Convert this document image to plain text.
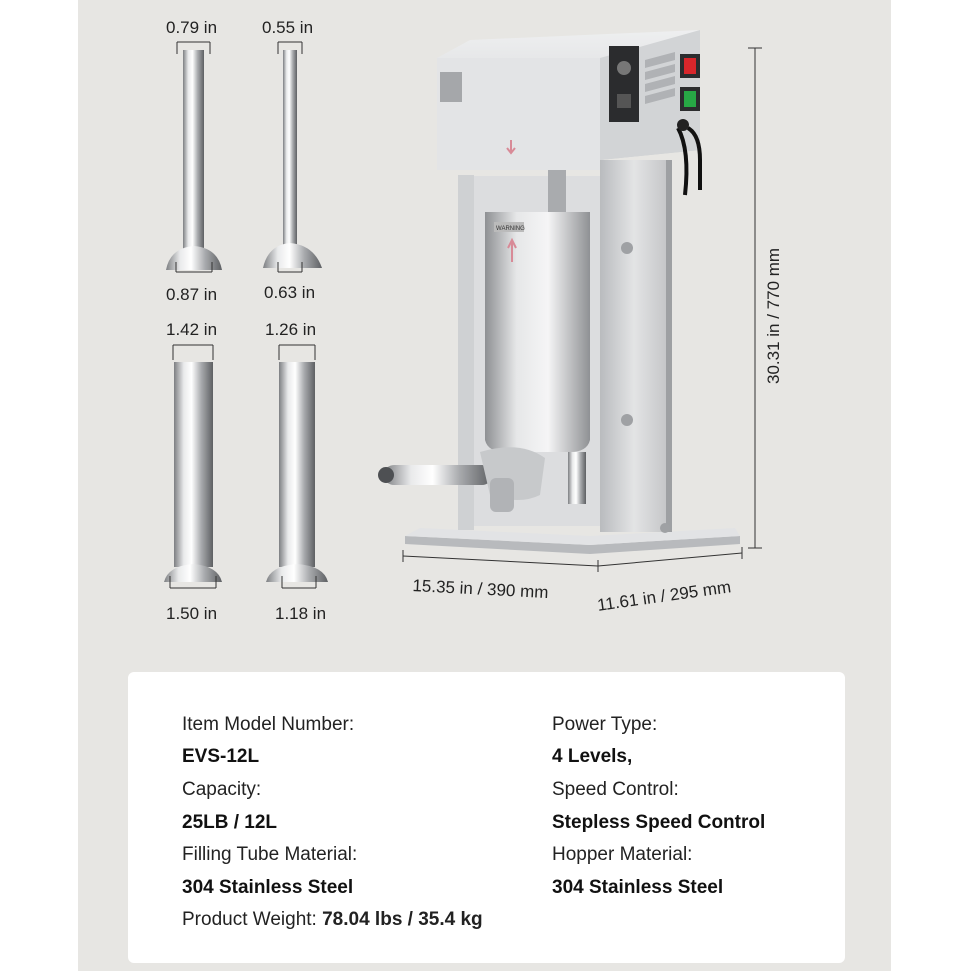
WARNING
0.79 in	0.55 in
0.87 in	0.63 in
1.42 in	1.26 in
1.50 in	1.18 in
30.31 in / 770 mm
15.35 in / 390 mm	11.61 in / 295 mm
Item Model Number:
EVS-12L
Capacity:
25LB / 12L
Filling Tube Material:
304 Stainless Steel
Product Weight: 78.04 lbs / 35.4 kg
Power Type:
4 Levels,
Speed Control:
Stepless Speed Control
Hopper Material:
304 Stainless Steel
